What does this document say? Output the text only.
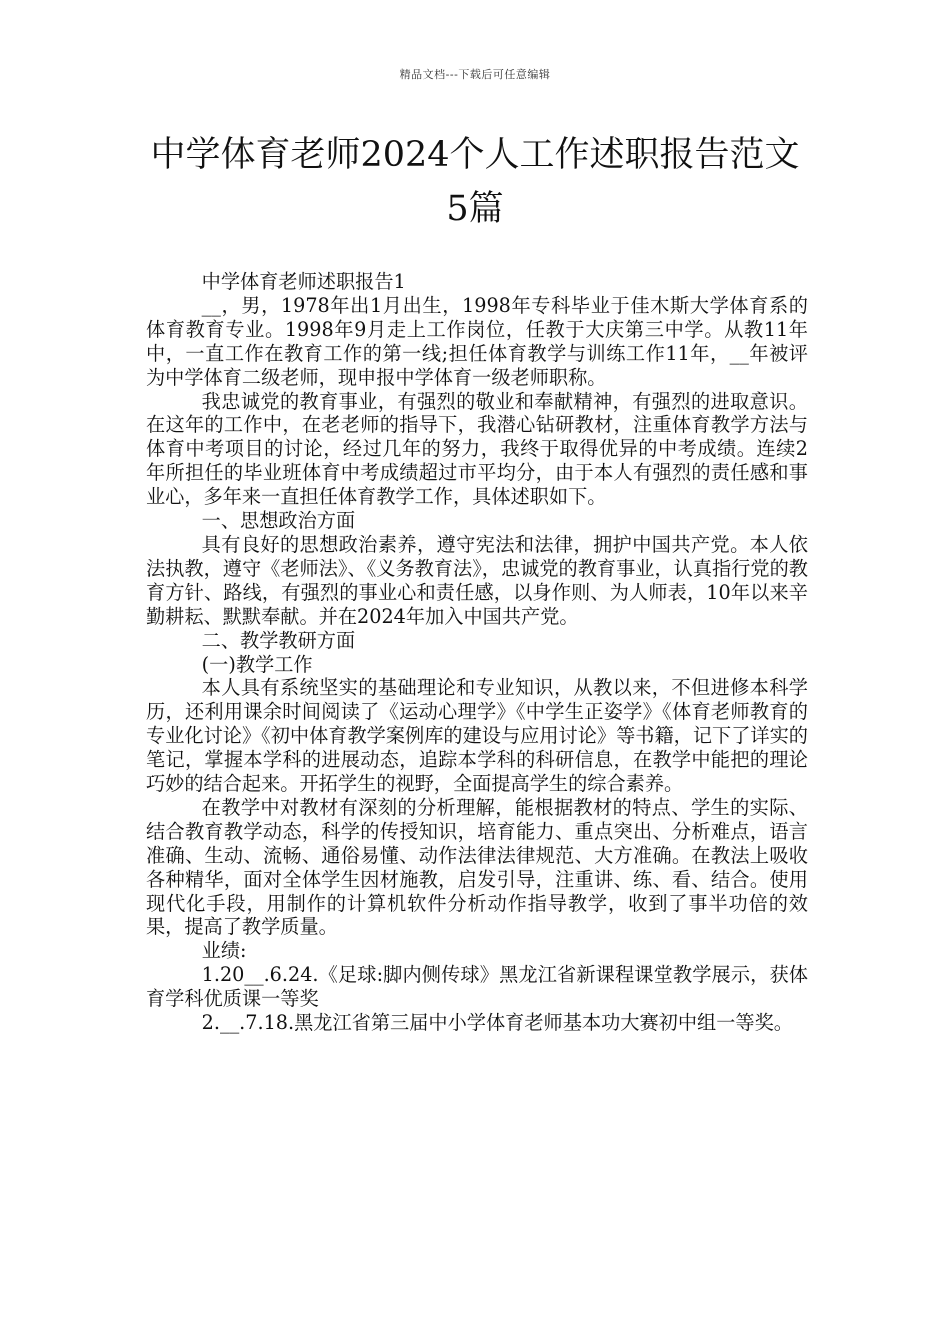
精品文档---下载后可任意编辑
中学体育老师2024个人工作述职报告范文
5篇

中学体育老师述职报告1

__，男，1978年出1月出生，1998年专科毕业于佳木斯大学体育系的体育教育专业。1998年9月走上工作岗位，任教于大庆第三中学。从教11年中，一直工作在教育工作的第一线;担任体育教学与训练工作11年，__年被评为中学体育二级老师，现申报中学体育一级老师职称。

我忠诚党的教育事业，有强烈的敬业和奉献精神，有强烈的进取意识。在这年的工作中，在老老师的指导下，我潜心钻研教材，注重体育教学方法与体育中考项目的讨论，经过几年的努力，我终于取得优异的中考成绩。连续2年所担任的毕业班体育中考成绩超过市平均分，由于本人有强烈的责任感和事业心，多年来一直担任体育教学工作，具体述职如下。

一、思想政治方面

具有良好的思想政治素养，遵守宪法和法律，拥护中国共产党。本人依法执教，遵守《老师法》、《义务教育法》，忠诚党的教育事业，认真指行党的教育方针、路线，有强烈的事业心和责任感，以身作则、为人师表，10年以来辛勤耕耘、默默奉献。并在2024年加入中国共产党。

二、教学教研方面

(一)教学工作

本人具有系统坚实的基础理论和专业知识，从教以来，不但进修本科学历，还利用课余时间阅读了《运动心理学》《中学生正姿学》《体育老师教育的专业化讨论》《初中体育教学案例库的建设与应用讨论》等书籍，记下了详实的笔记，掌握本学科的进展动态，追踪本学科的科研信息，在教学中能把的理论巧妙的结合起来。开拓学生的视野，全面提高学生的综合素养。

在教学中对教材有深刻的分析理解，能根据教材的特点、学生的实际、结合教育教学动态，科学的传授知识，培育能力、重点突出、分析难点，语言准确、生动、流畅、通俗易懂、动作法律法律规范、大方准确。在教法上吸收各种精华，面对全体学生因材施教，启发引导，注重讲、练、看、结合。使用现代化手段，用制作的计算机软件分析动作指导教学，收到了事半功倍的效果，提高了教学质量。

业绩:

1.20__.6.24.《足球:脚内侧传球》黑龙江省新课程课堂教学展示，获体育学科优质课一等奖

2.__.7.18.黑龙江省第三届中小学体育老师基本功大赛初中组一等奖。
